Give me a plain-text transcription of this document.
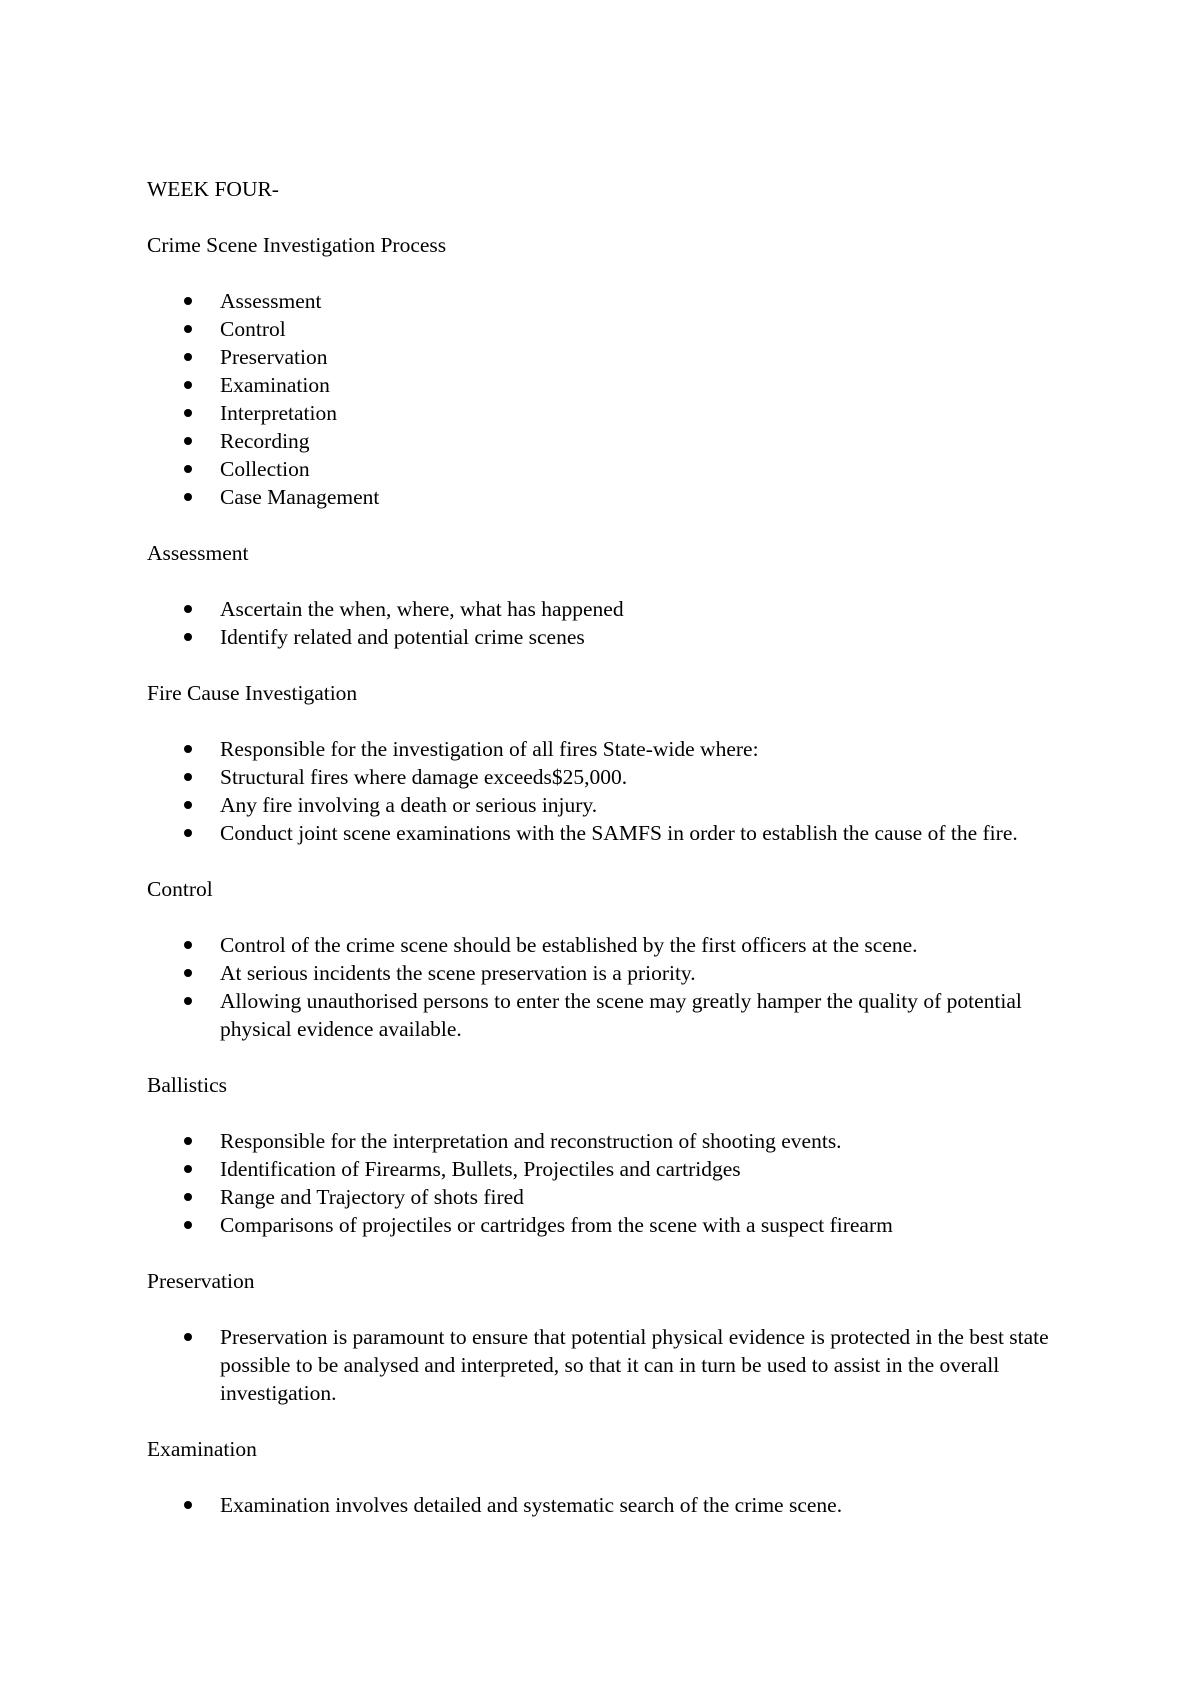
WEEK FOUR-

Crime Scene Investigation Process

Assessment
Control
Preservation
Examination
Interpretation
Recording
Collection
Case Management

Assessment

Ascertain the when, where, what has happened
Identify related and potential crime scenes

Fire Cause Investigation

Responsible for the investigation of all fires State-wide where:
Structural fires where damage exceeds$25,000.
Any fire involving a death or serious injury.
Conduct joint scene examinations with the SAMFS in order to establish the cause of the fire.

Control

Control of the crime scene should be established by the first officers at the scene.
At serious incidents the scene preservation is a priority.
Allowing unauthorised persons to enter the scene may greatly hamper the quality of potential physical evidence available.

Ballistics

Responsible for the interpretation and reconstruction of shooting events.
Identification of Firearms, Bullets, Projectiles and cartridges
Range and Trajectory of shots fired
Comparisons of projectiles or cartridges from the scene with a suspect firearm

Preservation

Preservation is paramount to ensure that potential physical evidence is protected in the best state possible to be analysed and interpreted, so that it can in turn be used to assist in the overall investigation.

Examination

Examination involves detailed and systematic search of the crime scene.
